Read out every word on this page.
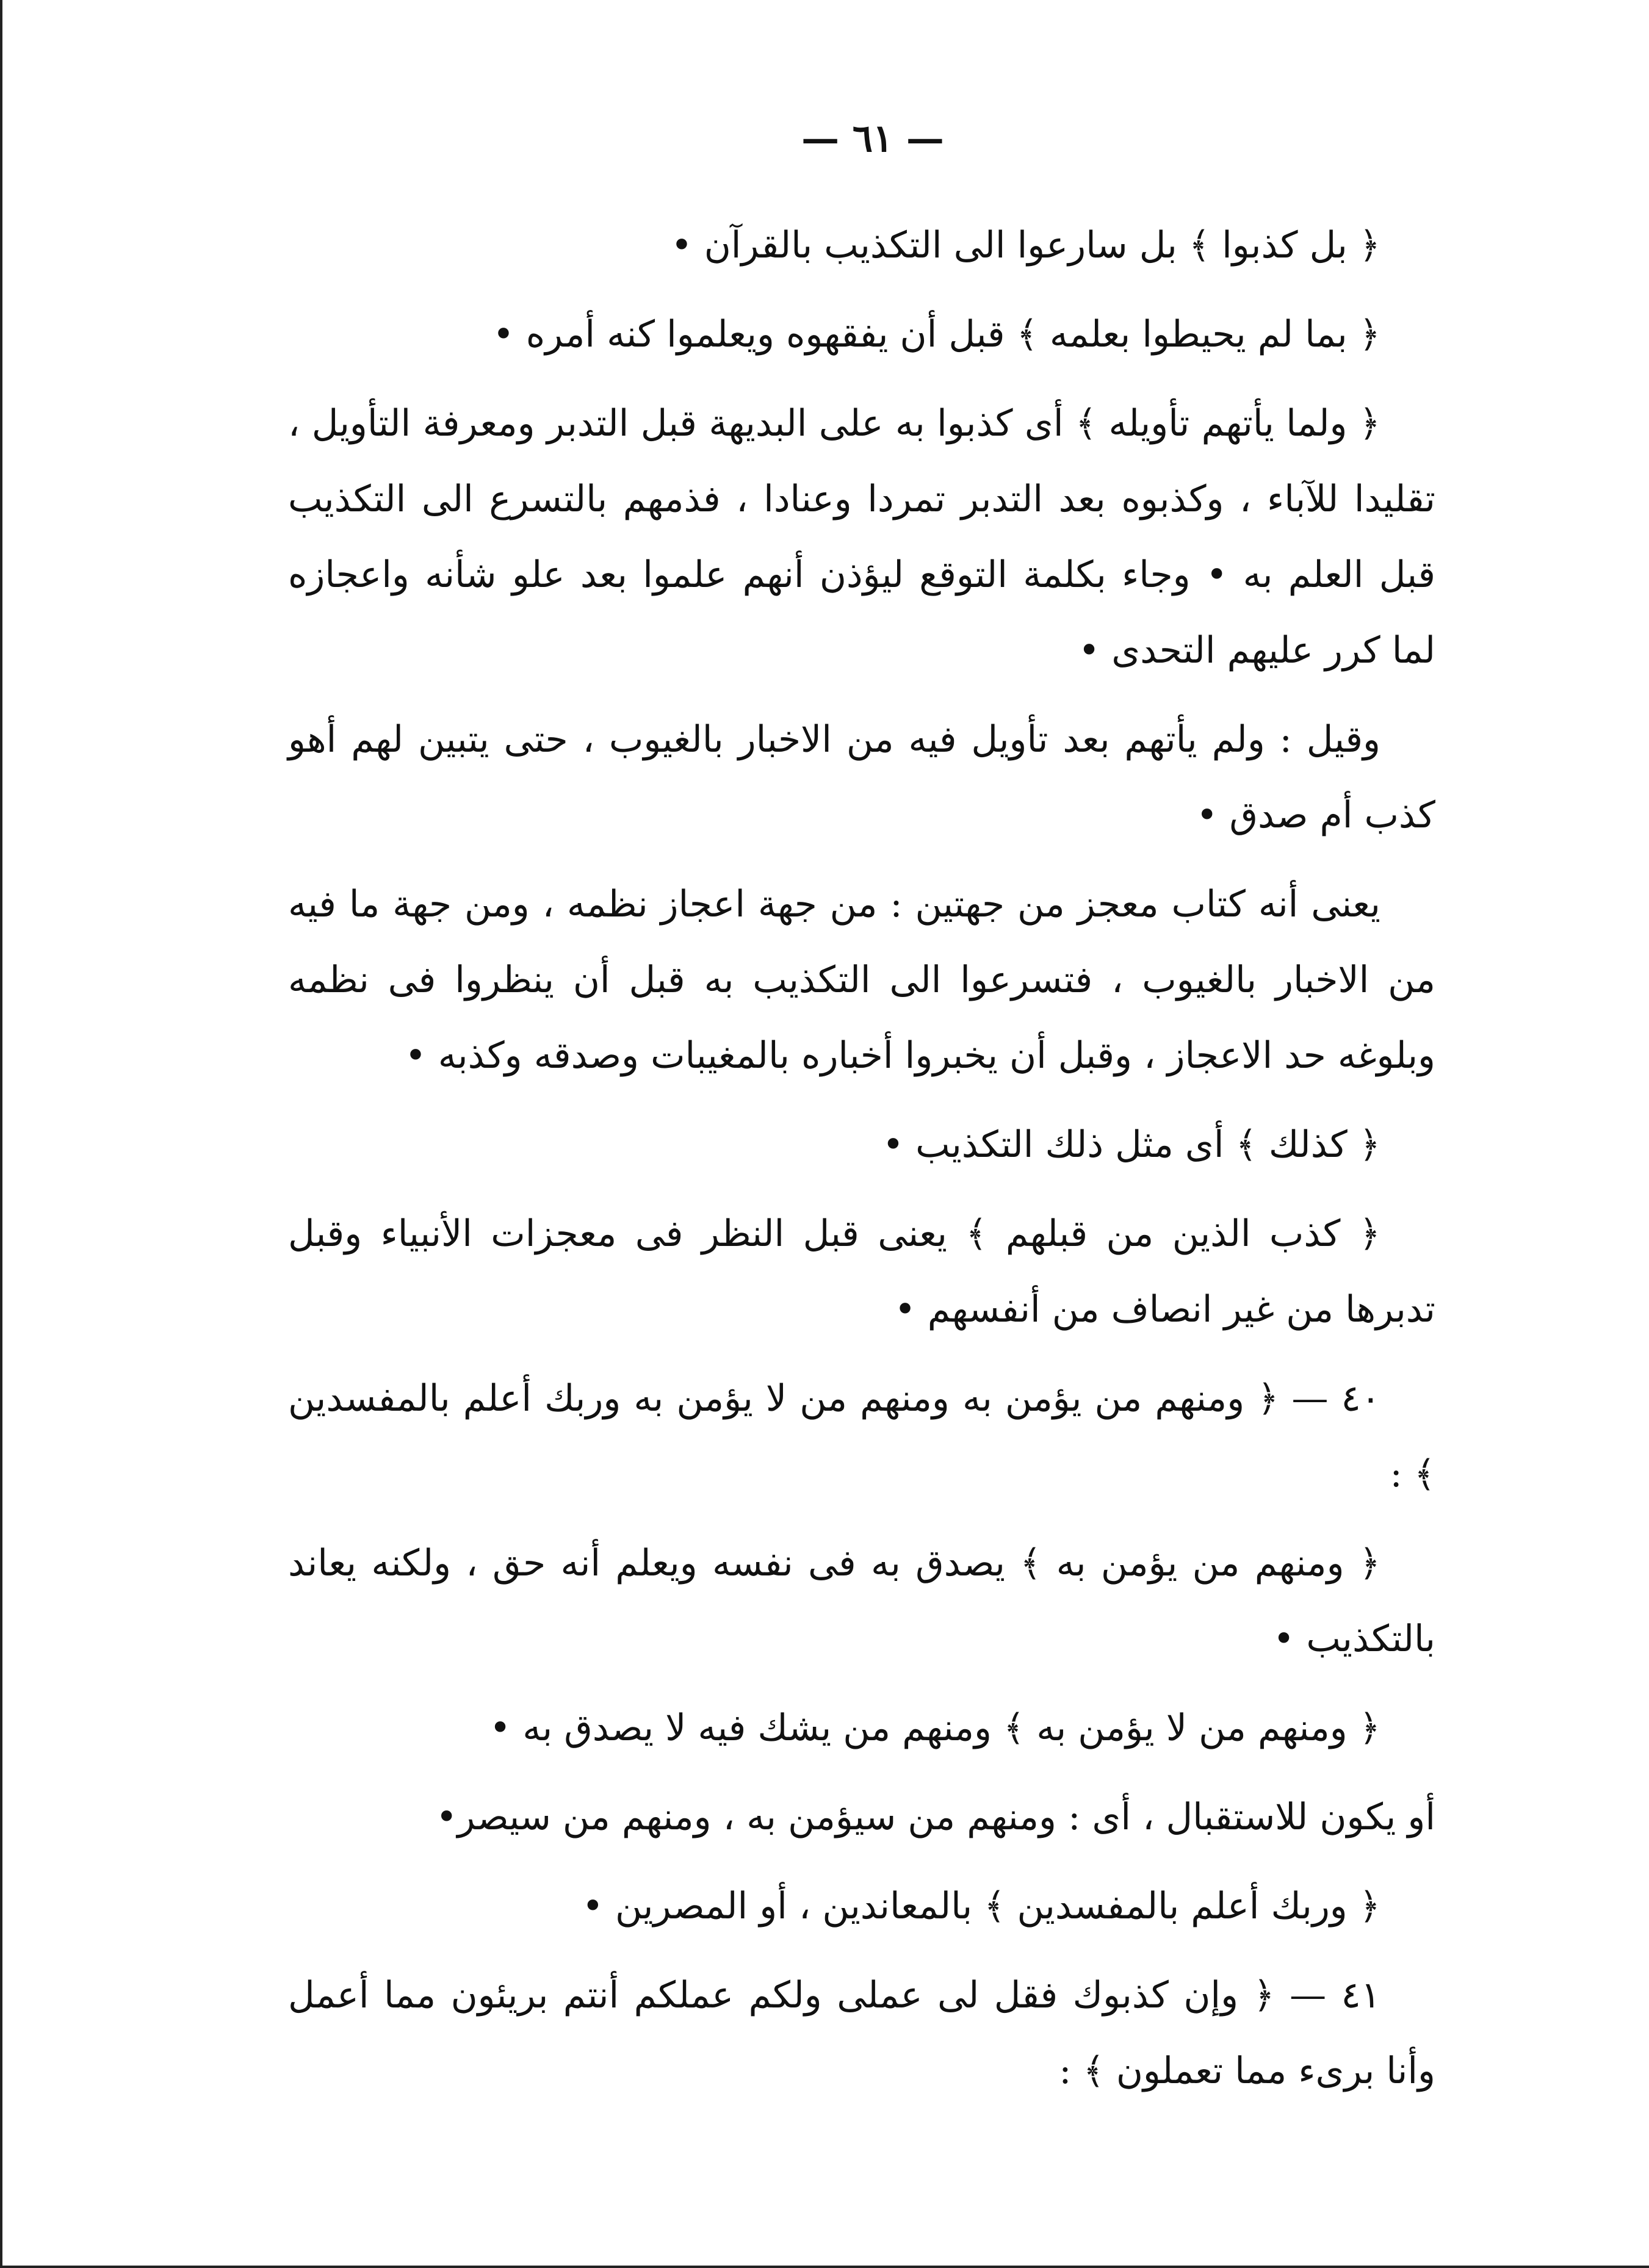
— ٦١ —

﴿ بل كذبوا ﴾ بل سارعوا الى التكذيب بالقرآن •

﴿ بما لم يحيطوا بعلمه ﴾ قبل أن يفقهوه ويعلموا كنه أمره •

﴿ ولما يأتهم تأويله ﴾ أى كذبوا به على البديهة قبل التدبر ومعرفة التأويل ، تقليدا للآباء ، وكذبوه بعد التدبر تمردا وعنادا ، فذمهم بالتسرع الى التكذيب قبل العلم به • وجاء بكلمة التوقع ليؤذن أنهم علموا بعد علو شأنه واعجازه لما كرر عليهم التحدى •

وقيل : ولم يأتهم بعد تأويل فيه من الاخبار بالغيوب ، حتى يتبين لهم أهو كذب أم صدق •

يعنى أنه كتاب معجز من جهتين : من جهة اعجاز نظمه ، ومن جهة ما فيه من الاخبار بالغيوب ، فتسرعوا الى التكذيب به قبل أن ينظروا فى نظمه وبلوغه حد الاعجاز ، وقبل أن يخبروا أخباره بالمغيبات وصدقه وكذبه •

﴿ كذلك ﴾ أى مثل ذلك التكذيب •

﴿ كذب الذين من قبلهم ﴾ يعنى قبل النظر فى معجزات الأنبياء وقبل تدبرها من غير انصاف من أنفسهم •

٤٠ — ﴿ ومنهم من يؤمن به ومنهم من لا يؤمن به وربك أعلم بالمفسدين ﴾ :

﴿ ومنهم من يؤمن به ﴾ يصدق به فى نفسه ويعلم أنه حق ، ولكنه يعاند بالتكذيب •

﴿ ومنهم من لا يؤمن به ﴾ ومنهم من يشك فيه لا يصدق به •

أو يكون للاستقبال ، أى : ومنهم من سيؤمن به ، ومنهم من سيصر•

﴿ وربك أعلم بالمفسدين ﴾ بالمعاندين ، أو المصرين •

٤١ — ﴿ وإن كذبوك فقل لى عملى ولكم عملكم أنتم بريئون مما أعمل وأنا برىء مما تعملون ﴾ :
